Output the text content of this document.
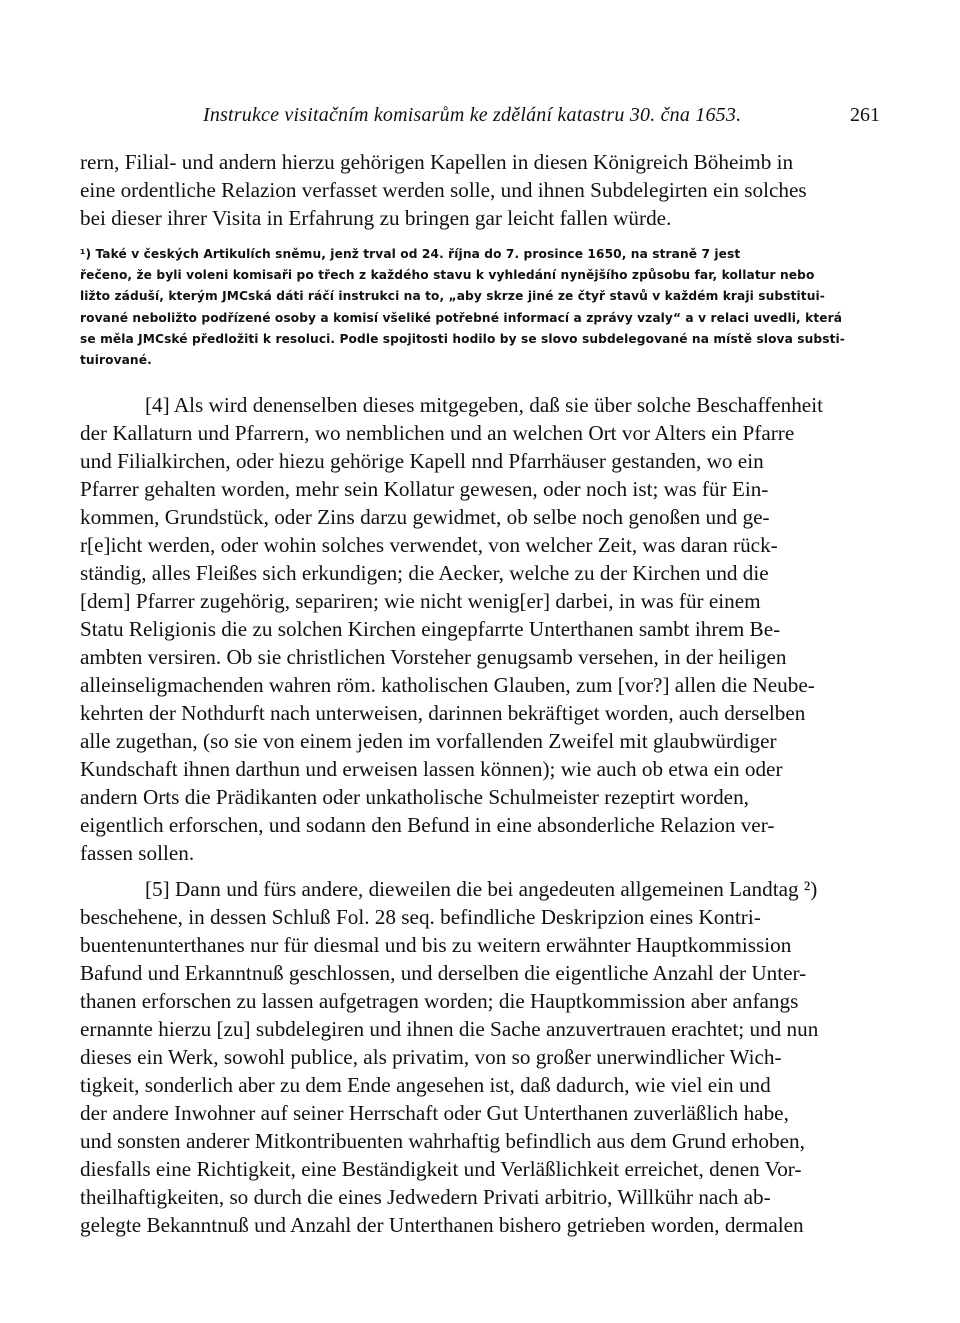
Instrukce visitačním komisarům ke zdělání katastru 30. čna 1653.	261
rern, Filial- und andern hierzu gehörigen Kapellen in diesen Königreich Böheimb in
eine ordentliche Relazion verfasset werden solle, und ihnen Subdelegirten ein solches
bei dieser ihrer Visita in Erfahrung zu bringen gar leicht fallen würde.
¹) Také v českých Artikulích sněmu, jenž trval od 24. října do 7. prosince 1650, na straně 7 jest
řečeno, že byli voleni komisaři po třech z každého stavu k vyhledání nynějšího způsobu far, kollatur nebo
ližto záduší, kterým JMCská dáti ráčí instrukci na to, „aby skrze jiné ze čtyř stavů v každém kraji substitui-
rované neboližto podřízené osoby a komisí všeliké potřebné informací a zprávy vzaly“ a v relaci uvedli, která
se měla JMCské předložiti k resoluci. Podle spojitosti hodilo by se slovo subdelegované na místě slova substi-
tuirované.
[4] Als wird denenselben dieses mitgegeben, daß sie über solche Beschaffenheit
der Kallaturn und Pfarrern, wo nemblichen und an welchen Ort vor Alters ein Pfarre
und Filialkirchen, oder hiezu gehörige Kapell nnd Pfarrhäuser gestanden, wo ein
Pfarrer gehalten worden, mehr sein Kollatur gewesen, oder noch ist; was für Ein-
kommen, Grundstück, oder Zins darzu gewidmet, ob selbe noch genoßen und ge-
r[e]icht werden, oder wohin solches verwendet, von welcher Zeit, was daran rück-
ständig, alles Fleißes sich erkundigen; die Aecker, welche zu der Kirchen und die
[dem] Pfarrer zugehörig, separiren; wie nicht wenig[er] darbei, in was für einem
Statu Religionis die zu solchen Kirchen eingepfarrte Unterthanen sambt ihrem Be-
ambten versiren. Ob sie christlichen Vorsteher genugsamb versehen, in der heiligen
alleinseligmachenden wahren röm. katholischen Glauben, zum [vor?] allen die Neube-
kehrten der Nothdurft nach unterweisen, darinnen bekräftiget worden, auch derselben
alle zugethan, (so sie von einem jeden im vorfallenden Zweifel mit glaubwürdiger
Kundschaft ihnen darthun und erweisen lassen können); wie auch ob etwa ein oder
andern Orts die Prädikanten oder unkatholische Schulmeister rezeptirt worden,
eigentlich erforschen, und sodann den Befund in eine absonderliche Relazion ver-
fassen sollen.
[5] Dann und fürs andere, dieweilen die bei angedeuten allgemeinen Landtag ²)
beschehene, in dessen Schluß Fol. 28 seq. befindliche Deskripzion eines Kontri-
buentenunterthanes nur für diesmal und bis zu weitern erwähnter Hauptkommission
Bafund und Erkanntnuß geschlossen, und derselben die eigentliche Anzahl der Unter-
thanen erforschen zu lassen aufgetragen worden; die Hauptkommission aber anfangs
ernannte hierzu [zu] subdelegiren und ihnen die Sache anzuvertrauen erachtet; und nun
dieses ein Werk, sowohl publice, als privatim, von so großer unerwindlicher Wich-
tigkeit, sonderlich aber zu dem Ende angesehen ist, daß dadurch, wie viel ein und
der andere Inwohner auf seiner Herrschaft oder Gut Unterthanen zuverläßlich habe,
und sonsten anderer Mitkontribuenten wahrhaftig befindlich aus dem Grund erhoben,
diesfalls eine Richtigkeit, eine Beständigkeit und Verläßlichkeit erreichet, denen Vor-
theilhaftigkeiten, so durch die eines Jedwedern Privati arbitrio, Willkühr nach ab-
gelegte Bekanntnuß und Anzahl der Unterthanen bishero getrieben worden, dermalen
